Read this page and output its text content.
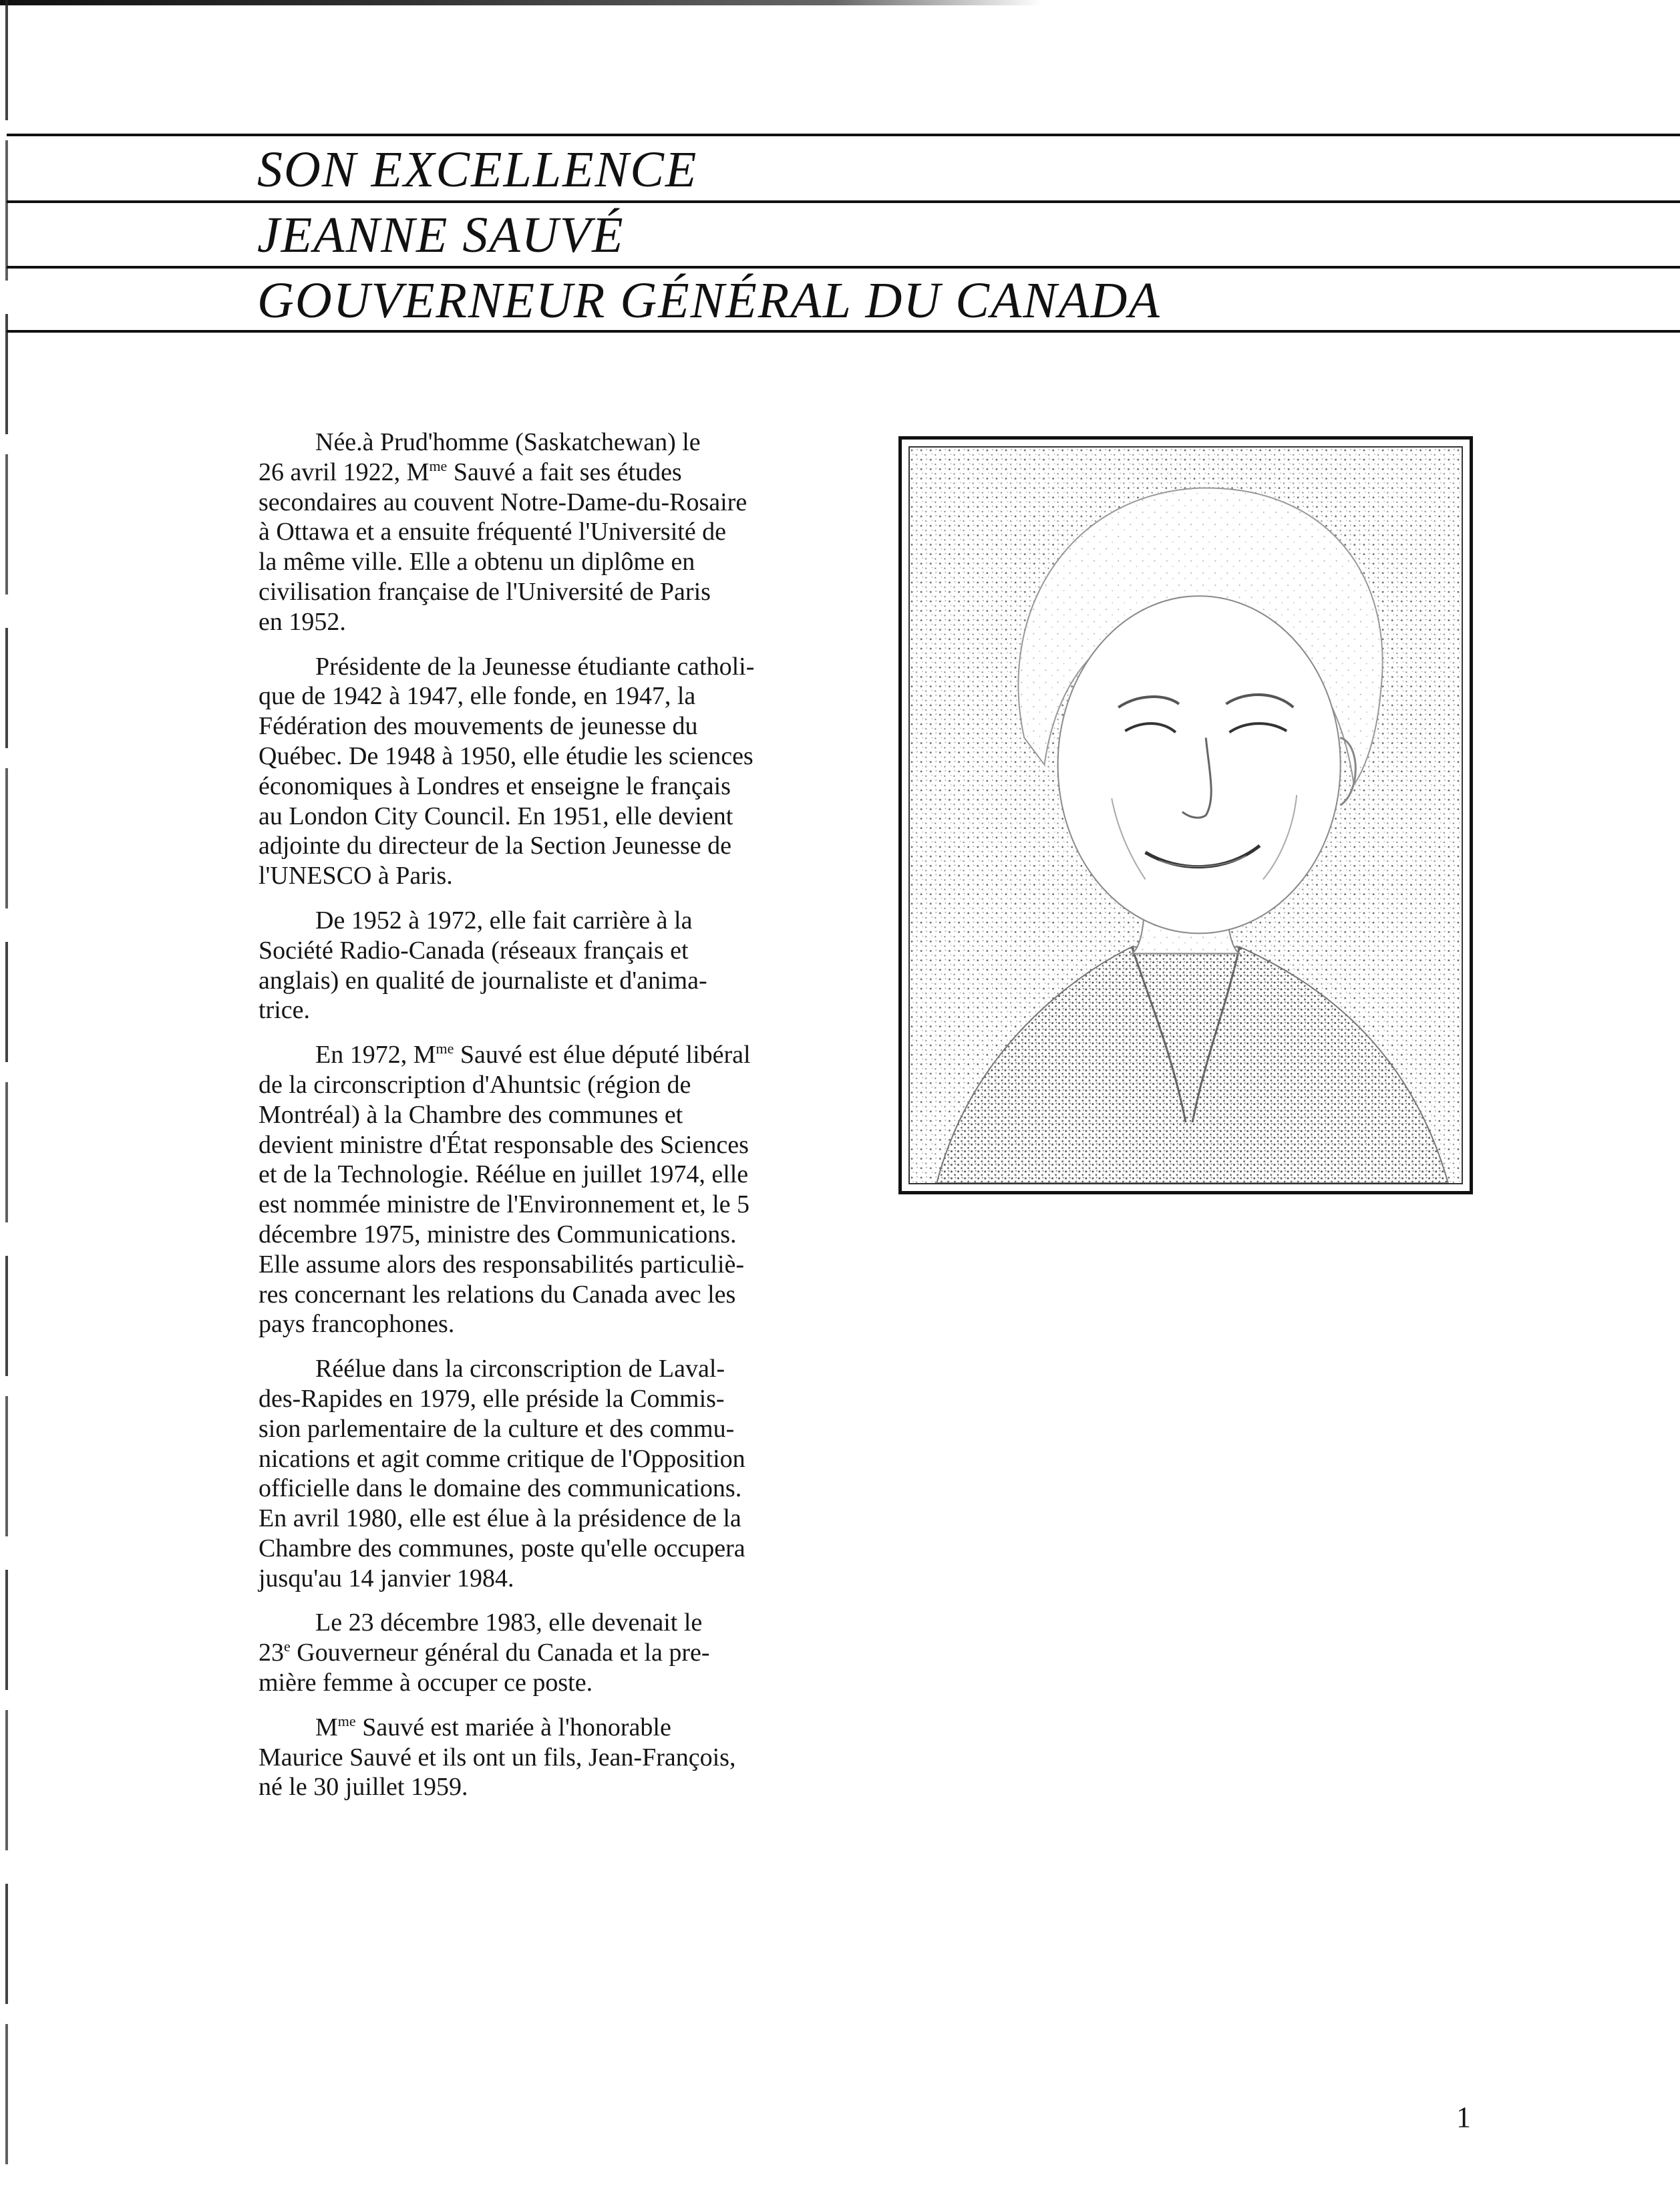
SON EXCELLENCE
JEANNE SAUVÉ
GOUVERNEUR GÉNÉRAL DU CANADA

Née.à Prud'homme (Saskatchewan) le
26 avril 1922, $M^{me}$ Sauvé a fait ses études
secondaires au couvent Notre-Dame-du-Rosaire
à Ottawa et a ensuite fréquenté l'Université de
la même ville. Elle a obtenu un diplôme en
civilisation française de l'Université de Paris
en 1952.

Présidente de la Jeunesse étudiante catholi-
que de 1942 à 1947, elle fonde, en 1947, la
Fédération des mouvements de jeunesse du
Québec. De 1948 à 1950, elle étudie les sciences
économiques à Londres et enseigne le français
au London City Council. En 1951, elle devient
adjointe du directeur de la Section Jeunesse de
l'UNESCO à Paris.

De 1952 à 1972, elle fait carrière à la
Société Radio-Canada (réseaux français et
anglais) en qualité de journaliste et d'anima-
trice.

En 1972, $M^{me}$ Sauvé est élue député libéral
de la circonscription d'Ahuntsic (région de
Montréal) à la Chambre des communes et
devient ministre d'État responsable des Sciences
et de la Technologie. Réélue en juillet 1974, elle
est nommée ministre de l'Environnement et, le 5
décembre 1975, ministre des Communications.
Elle assume alors des responsabilités particuliè-
res concernant les relations du Canada avec les
pays francophones.

Réélue dans la circonscription de Laval-
des-Rapides en 1979, elle préside la Commis-
sion parlementaire de la culture et des commu-
nications et agit comme critique de l'Opposition
officielle dans le domaine des communications.
En avril 1980, elle est élue à la présidence de la
Chambre des communes, poste qu'elle occupera
jusqu'au 14 janvier 1984.

Le 23 décembre 1983, elle devenait le
23e Gouverneur général du Canada et la pre-
mière femme à occuper ce poste.

$M^{me}$ Sauvé est mariée à l'honorable
Maurice Sauvé et ils ont un fils, Jean-François,
né le 30 juillet 1959.

1
